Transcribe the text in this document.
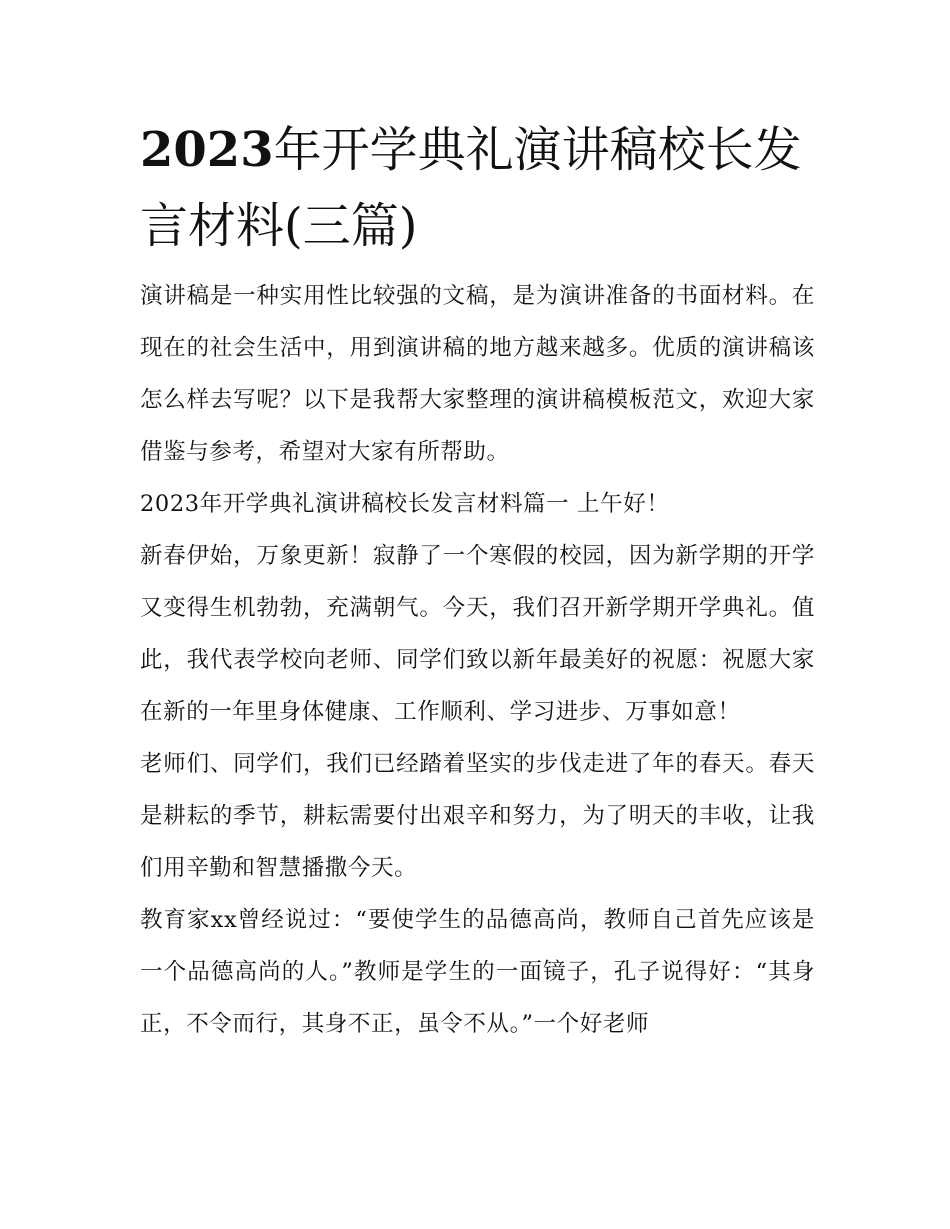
2023年开学典礼演讲稿校长发言材料(三篇)

演讲稿是一种实用性比较强的文稿，是为演讲准备的书面材料。在现在的社会生活中，用到演讲稿的地方越来越多。优质的演讲稿该怎么样去写呢？以下是我帮大家整理的演讲稿模板范文，欢迎大家借鉴与参考，希望对大家有所帮助。

2023年开学典礼演讲稿校长发言材料篇一 上午好！

新春伊始，万象更新！寂静了一个寒假的校园，因为新学期的开学又变得生机勃勃，充满朝气。今天，我们召开新学期开学典礼。值此，我代表学校向老师、同学们致以新年最美好的祝愿：祝愿大家在新的一年里身体健康、工作顺利、学习进步、万事如意！

老师们、同学们，我们已经踏着坚实的步伐走进了年的春天。春天是耕耘的季节，耕耘需要付出艰辛和努力，为了明天的丰收，让我们用辛勤和智慧播撒今天。

教育家xx曾经说过：“要使学生的品德高尚，教师自己首先应该是一个品德高尚的人。”教师是学生的一面镜子，孔子说得好：“其身正，不令而行，其身不正，虽令不从。”一个好老师
